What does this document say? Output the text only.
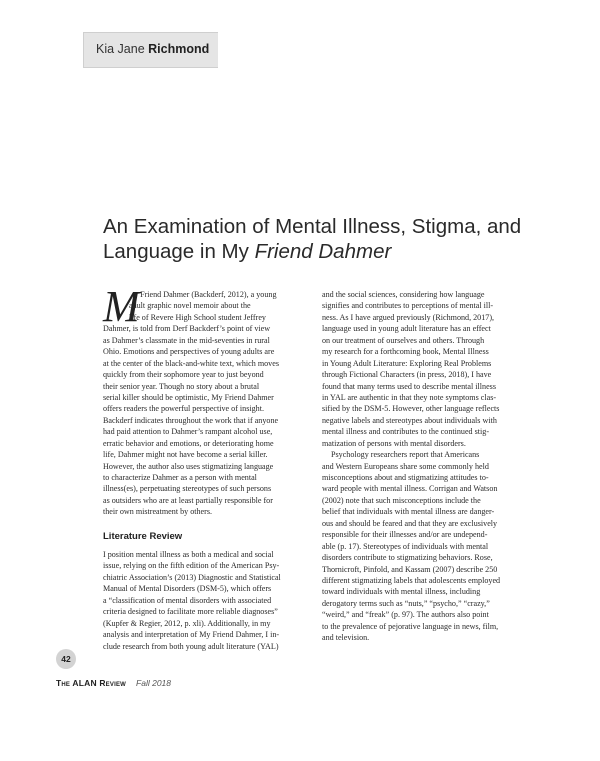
Kia Jane Richmond
An Examination of Mental Illness, Stigma, and
Language in My Friend Dahmer
M
y Friend Dahmer (Backderf, 2012), a young
adult graphic novel memoir about the
life of Revere High School student Jeffrey
Dahmer, is told from Derf Backderf’s point of view
as Dahmer’s classmate in the mid-seventies in rural
Ohio. Emotions and perspectives of young adults are
at the center of the black-and-white text, which moves
quickly from their sophomore year to just beyond
their senior year. Though no story about a brutal
serial killer should be optimistic, My Friend Dahmer
offers readers the powerful perspective of insight.
Backderf indicates throughout the work that if anyone
had paid attention to Dahmer’s rampant alcohol use,
erratic behavior and emotions, or deteriorating home
life, Dahmer might not have become a serial killer.
However, the author also uses stigmatizing language
to characterize Dahmer as a person with mental
illness(es), perpetuating stereotypes of such persons
as outsiders who are at least partially responsible for
their own mistreatment by others.
Literature Review
I position mental illness as both a medical and social
issue, relying on the fifth edition of the American Psy-
chiatric Association’s (2013) Diagnostic and Statistical
Manual of Mental Disorders (DSM-5), which offers
a “classification of mental disorders with associated
criteria designed to facilitate more reliable diagnoses”
(Kupfer & Regier, 2012, p. xli). Additionally, in my
analysis and interpretation of My Friend Dahmer, I in-
clude research from both young adult literature (YAL)
and the social sciences, considering how language
signifies and contributes to perceptions of mental ill-
ness. As I have argued previously (Richmond, 2017),
language used in young adult literature has an effect
on our treatment of ourselves and others. Through
my research for a forthcoming book, Mental Illness
in Young Adult Literature: Exploring Real Problems
through Fictional Characters (in press, 2018), I have
found that many terms used to describe mental illness
in YAL are authentic in that they note symptoms clas-
sified by the DSM-5. However, other language reflects
negative labels and stereotypes about individuals with
mental illness and contributes to the continued stig-
matization of persons with mental disorders.
Psychology researchers report that Americans
and Western Europeans share some commonly held
misconceptions about and stigmatizing attitudes to-
ward people with mental illness. Corrigan and Watson
(2002) note that such misconceptions include the
belief that individuals with mental illness are danger-
ous and should be feared and that they are exclusively
responsible for their illnesses and/or are undepend-
able (p. 17). Stereotypes of individuals with mental
disorders contribute to stigmatizing behaviors. Rose,
Thornicroft, Pinfold, and Kassam (2007) describe 250
different stigmatizing labels that adolescents employed
toward individuals with mental illness, including
derogatory terms such as “nuts,” “psycho,” “crazy,”
“weird,” and “freak” (p. 97). The authors also point
to the prevalence of pejorative language in news, film,
and television.
42
The ALAN Review Fall 2018
